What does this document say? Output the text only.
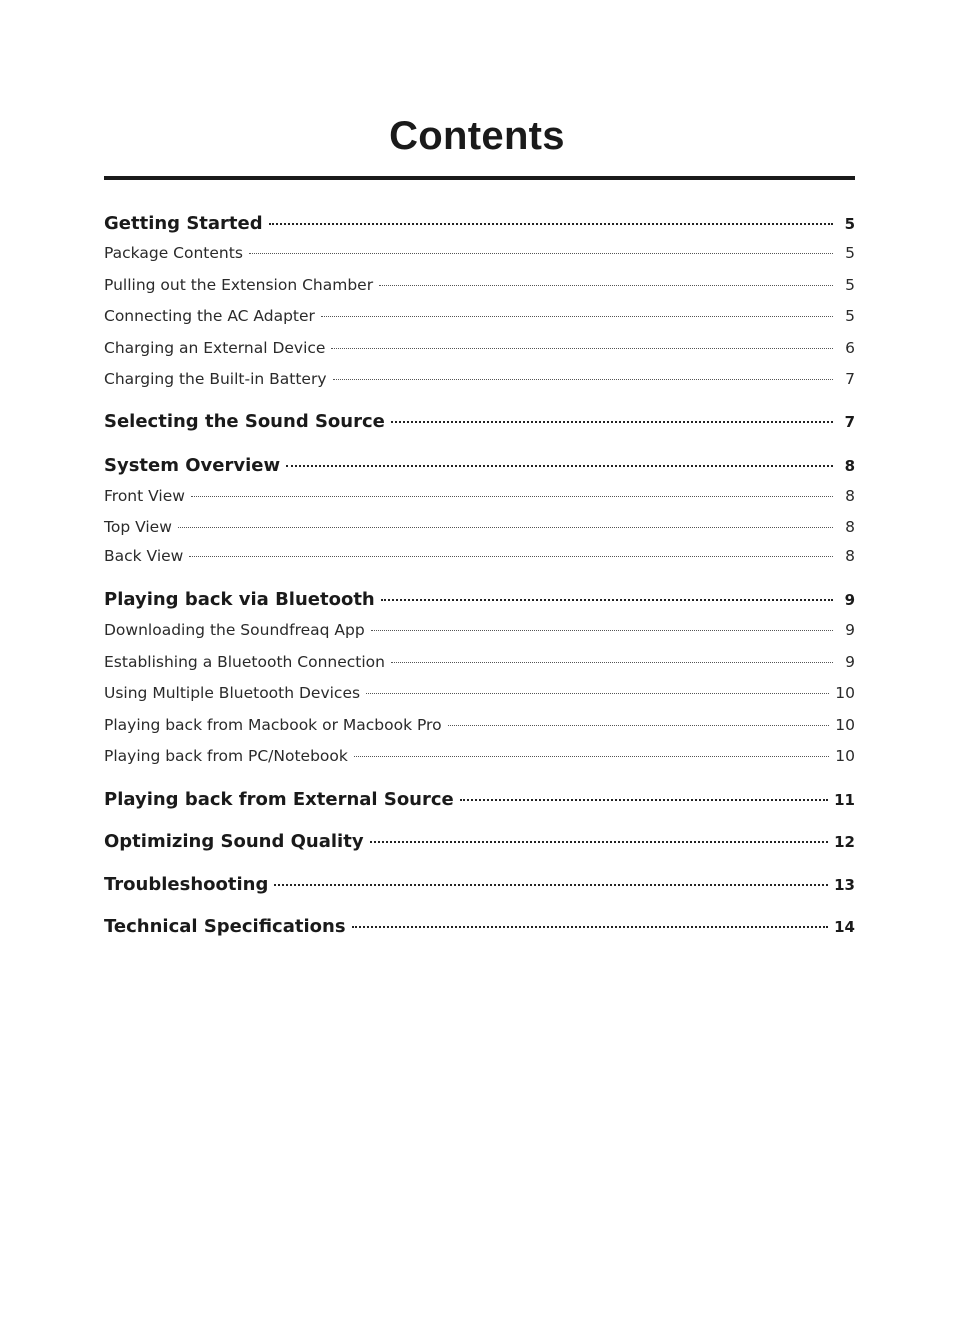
Contents
Getting Started	5
Package Contents	5
Pulling out the Extension Chamber	5
Connecting the AC Adapter	5
Charging an External Device	6
Charging the Built-in Battery	7
Selecting the Sound Source	7
System Overview	8
Front View	8
Top View	8
Back View	8
Playing back via Bluetooth	9
Downloading the Soundfreaq App	9
Establishing a Bluetooth Connection	9
Using Multiple Bluetooth Devices	10
Playing back from Macbook or Macbook Pro	10
Playing back from PC/Notebook	10
Playing back from External Source	11
Optimizing Sound Quality	12
Troubleshooting	13
Technical Specifications	14
